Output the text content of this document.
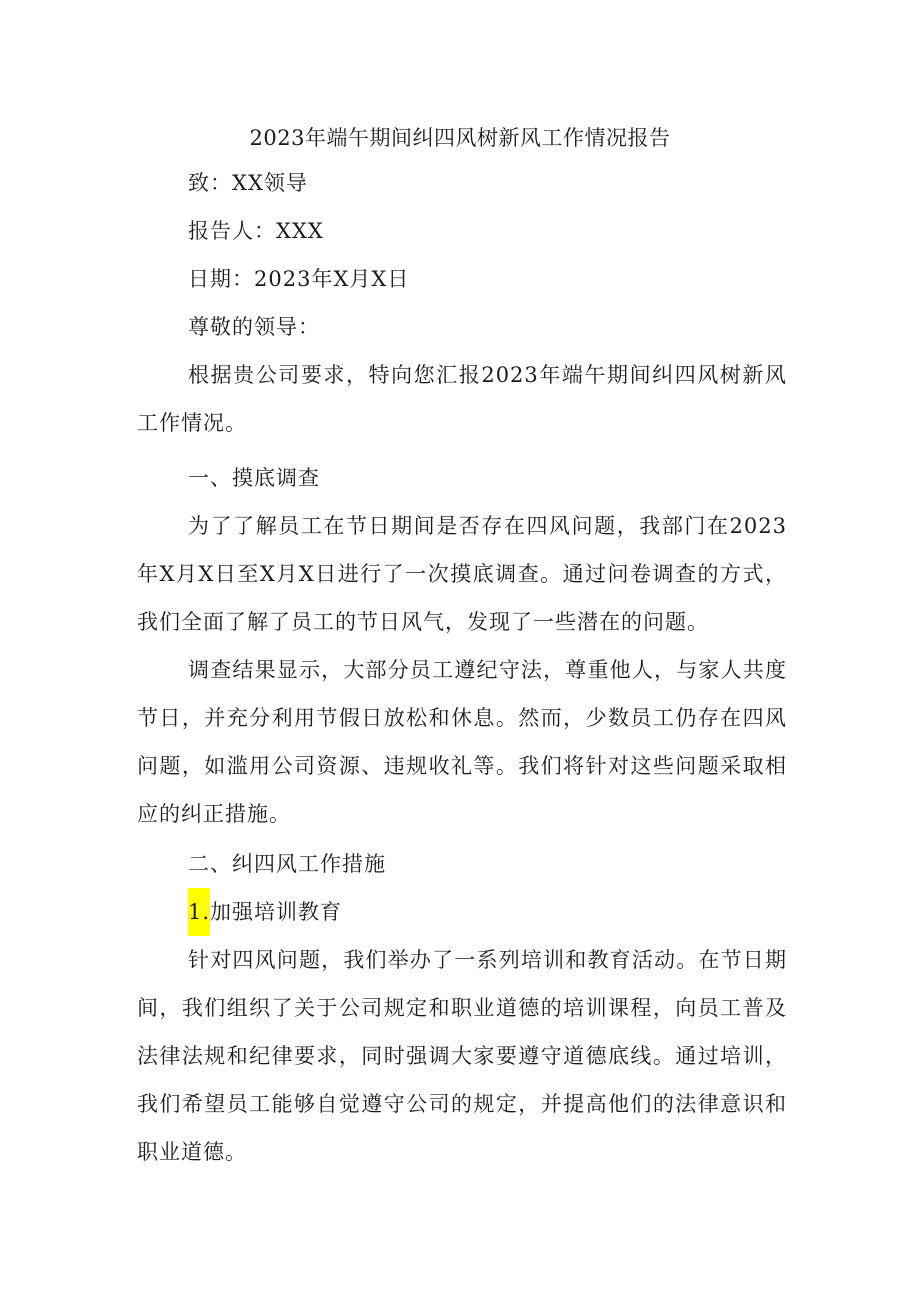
2023年端午期间纠四风树新风工作情况报告
致：XX领导
报告人：XXX
日期：2023年X月X日
尊敬的领导：
根据贵公司要求，特向您汇报2023年端午期间纠四风树新风工作情况。
一、摸底调查
为了了解员工在节日期间是否存在四风问题，我部门在2023年X月X日至X月X日进行了一次摸底调查。通过问卷调查的方式，我们全面了解了员工的节日风气，发现了一些潜在的问题。
调查结果显示，大部分员工遵纪守法，尊重他人，与家人共度节日，并充分利用节假日放松和休息。然而，少数员工仍存在四风问题，如滥用公司资源、违规收礼等。我们将针对这些问题采取相应的纠正措施。
二、纠四风工作措施
1.加强培训教育
针对四风问题，我们举办了一系列培训和教育活动。在节日期间，我们组织了关于公司规定和职业道德的培训课程，向员工普及法律法规和纪律要求，同时强调大家要遵守道德底线。通过培训，我们希望员工能够自觉遵守公司的规定，并提高他们的法律意识和职业道德。
